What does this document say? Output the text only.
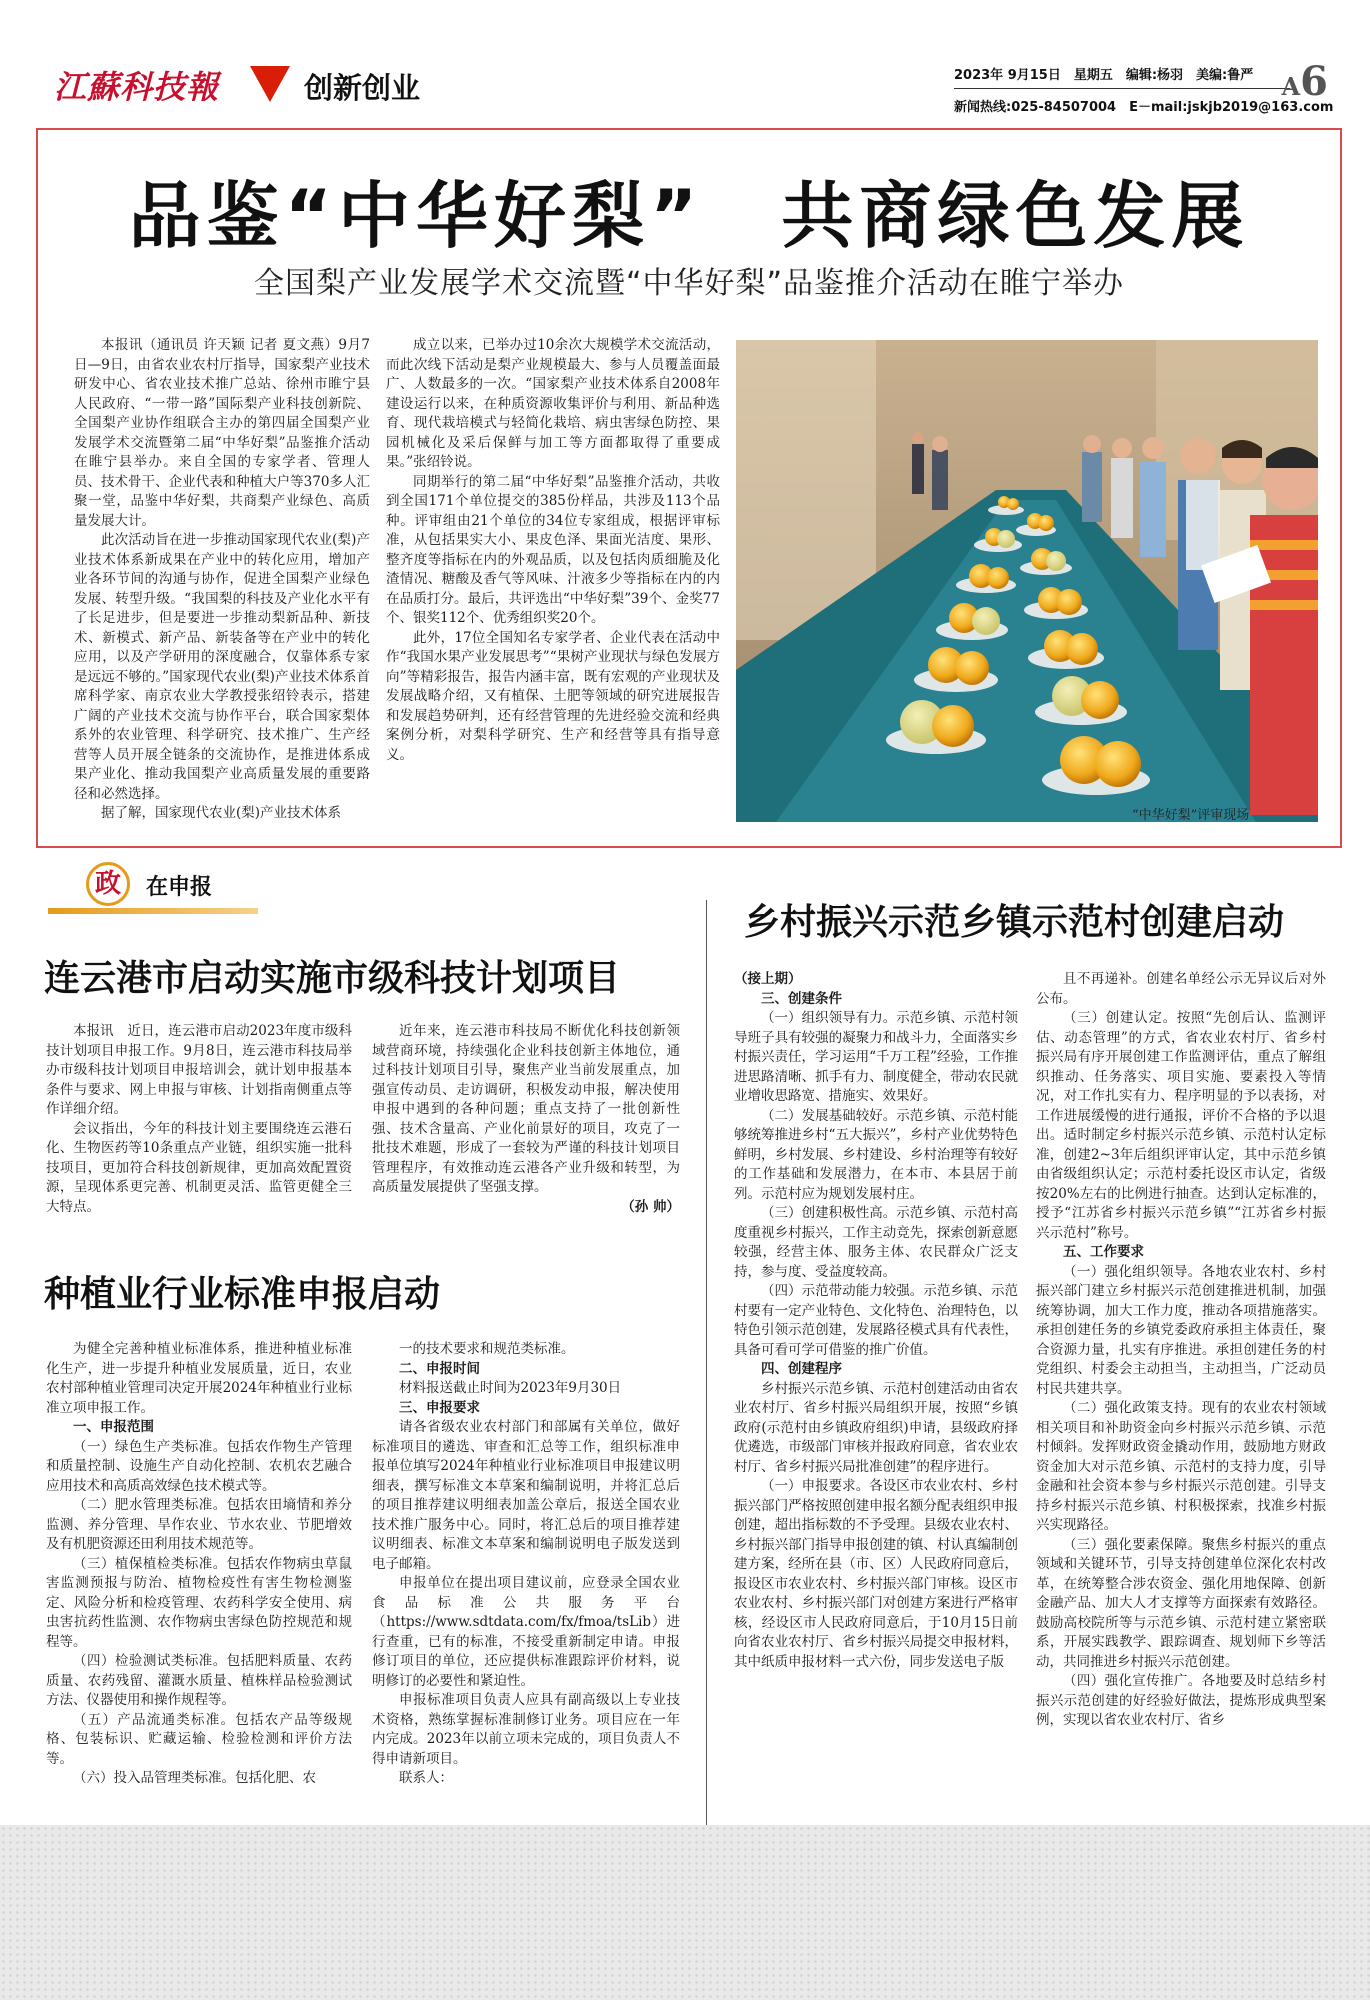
江蘇科技報	创新创业	2023年 9月15日　星期五　编辑:杨羽　美编:鲁严
新闻热线:025-84507004　E－mail:jskjb2019@163.com
A6
品鉴“中华好梨”　共商绿色发展
全国梨产业发展学术交流暨“中华好梨”品鉴推介活动在睢宁举办

本报讯（通讯员 许天颖 记者 夏文燕）9月7日—9日，由省农业农村厅指导，国家梨产业技术研发中心、省农业技术推广总站、徐州市睢宁县人民政府、“一带一路”国际梨产业科技创新院、全国梨产业协作组联合主办的第四届全国梨产业发展学术交流暨第二届“中华好梨”品鉴推介活动在睢宁县举办。来自全国的专家学者、管理人员、技术骨干、企业代表和种植大户等370多人汇聚一堂，品鉴中华好梨，共商梨产业绿色、高质量发展大计。

此次活动旨在进一步推动国家现代农业(梨)产业技术体系新成果在产业中的转化应用，增加产业各环节间的沟通与协作，促进全国梨产业绿色发展、转型升级。“我国梨的科技及产业化水平有了长足进步，但是要进一步推动梨新品种、新技术、新模式、新产品、新装备等在产业中的转化应用，以及产学研用的深度融合，仅靠体系专家是远远不够的。”国家现代农业(梨)产业技术体系首席科学家、南京农业大学教授张绍铃表示，搭建广阔的产业技术交流与协作平台，联合国家梨体系外的农业管理、科学研究、技术推广、生产经营等人员开展全链条的交流协作，是推进体系成果产业化、推动我国梨产业高质量发展的重要路径和必然选择。

据了解，国家现代农业(梨)产业技术体系

成立以来，已举办过10余次大规模学术交流活动，而此次线下活动是梨产业规模最大、参与人员覆盖面最广、人数最多的一次。“国家梨产业技术体系自2008年建设运行以来，在种质资源收集评价与利用、新品种选育、现代栽培模式与轻简化栽培、病虫害绿色防控、果园机械化及采后保鲜与加工等方面都取得了重要成果。”张绍铃说。

同期举行的第二届“中华好梨”品鉴推介活动，共收到全国171个单位提交的385份样品，共涉及113个品种。评审组由21个单位的34位专家组成，根据评审标准，从包括果实大小、果皮色泽、果面光洁度、果形、整齐度等指标在内的外观品质，以及包括肉质细脆及化渣情况、糖酸及香气等风味、汁液多少等指标在内的内在品质打分。最后，共评选出“中华好梨”39个、金奖77个、银奖112个、优秀组织奖20个。

此外，17位全国知名专家学者、企业代表在活动中作“我国水果产业发展思考”“果树产业现状与绿色发展方向”等精彩报告，报告内涵丰富，既有宏观的产业现状及发展战略介绍，又有植保、土肥等领域的研究进展报告和发展趋势研判，还有经营管理的先进经验交流和经典案例分析，对梨科学研究、生产和经营等具有指导意义。

“中华好梨”评审现场
政	在申报
连云港市启动实施市级科技计划项目

本报讯　近日，连云港市启动2023年度市级科技计划项目申报工作。9月8日，连云港市科技局举办市级科技计划项目申报培训会，就计划申报基本条件与要求、网上申报与审核、计划指南侧重点等作详细介绍。

会议指出，今年的科技计划主要围绕连云港石化、生物医药等10条重点产业链，组织实施一批科技项目，更加符合科技创新规律，更加高效配置资源，呈现体系更完善、机制更灵活、监管更健全三大特点。

近年来，连云港市科技局不断优化科技创新领域营商环境，持续强化企业科技创新主体地位，通过科技计划项目引导，聚焦产业当前发展重点，加强宣传动员、走访调研，积极发动申报，解决使用申报中遇到的各种问题；重点支持了一批创新性强、技术含量高、产业化前景好的项目，攻克了一批技术难题，形成了一套较为严谨的科技计划项目管理程序，有效推动连云港各产业升级和转型，为高质量发展提供了坚强支撑。

（孙 帅）

种植业行业标准申报启动

为健全完善种植业标准体系，推进种植业标准化生产，进一步提升种植业发展质量，近日，农业农村部种植业管理司决定开展2024年种植业行业标准立项申报工作。

一、申报范围

（一）绿色生产类标准。包括农作物生产管理和质量控制、设施生产自动化控制、农机农艺融合应用技术和高质高效绿色技术模式等。

（二）肥水管理类标准。包括农田墒情和养分监测、养分管理、旱作农业、节水农业、节肥增效及有机肥资源还田利用技术规范等。

（三）植保植检类标准。包括农作物病虫草鼠害监测预报与防治、植物检疫性有害生物检测鉴定、风险分析和检疫管理、农药科学安全使用、病虫害抗药性监测、农作物病虫害绿色防控规范和规程等。

（四）检验测试类标准。包括肥料质量、农药质量、农药残留、灌溉水质量、植株样品检验测试方法、仪器使用和操作规程等。

（五）产品流通类标准。包括农产品等级规格、包装标识、贮藏运输、检验检测和评价方法等。

（六）投入品管理类标准。包括化肥、农

一的技术要求和规范类标准。

二、申报时间

材料报送截止时间为2023年9月30日

三、申报要求

请各省级农业农村部门和部属有关单位，做好标准项目的遴选、审查和汇总等工作，组织标准申报单位填写2024年种植业行业标准项目申报建议明细表，撰写标准文本草案和编制说明，并将汇总后的项目推荐建议明细表加盖公章后，报送全国农业技术推广服务中心。同时，将汇总后的项目推荐建议明细表、标准文本草案和编制说明电子版发送到电子邮箱。

申报单位在提出项目建议前，应登录全国农业食品标准公共服务平台（https://www.sdtdata.com/fx/fmoa/tsLib）进行查重，已有的标准，不接受重新制定申请。申报修订项目的单位，还应提供标准跟踪评价材料，说明修订的必要性和紧迫性。

申报标准项目负责人应具有副高级以上专业技术资格，熟练掌握标准制修订业务。项目应在一年内完成。2023年以前立项未完成的，项目负责人不得申请新项目。

联系人：

乡村振兴示范乡镇示范村创建启动

（接上期）

三、创建条件

（一）组织领导有力。示范乡镇、示范村领导班子具有较强的凝聚力和战斗力，全面落实乡村振兴责任，学习运用“千万工程”经验，工作推进思路清晰、抓手有力、制度健全，带动农民就业增收思路宽、措施实、效果好。

（二）发展基础较好。示范乡镇、示范村能够统筹推进乡村“五大振兴”，乡村产业优势特色鲜明，乡村发展、乡村建设、乡村治理等有较好的工作基础和发展潜力，在本市、本县居于前列。示范村应为规划发展村庄。

（三）创建积极性高。示范乡镇、示范村高度重视乡村振兴，工作主动竞先，探索创新意愿较强，经营主体、服务主体、农民群众广泛支持，参与度、受益度较高。

（四）示范带动能力较强。示范乡镇、示范村要有一定产业特色、文化特色、治理特色，以特色引领示范创建，发展路径模式具有代表性，具备可看可学可借鉴的推广价值。

四、创建程序

乡村振兴示范乡镇、示范村创建活动由省农业农村厅、省乡村振兴局组织开展，按照“乡镇政府(示范村由乡镇政府组织)申请，县级政府择优遴选，市级部门审核并报政府同意，省农业农村厅、省乡村振兴局批准创建”的程序进行。

（一）申报要求。各设区市农业农村、乡村振兴部门严格按照创建申报名额分配表组织申报创建，超出指标数的不予受理。县级农业农村、乡村振兴部门指导申报创建的镇、村认真编制创建方案，经所在县（市、区）人民政府同意后，报设区市农业农村、乡村振兴部门审核。设区市农业农村、乡村振兴部门对创建方案进行严格审核，经设区市人民政府同意后，于10月15日前向省农业农村厅、省乡村振兴局提交申报材料，其中纸质申报材料一式六份，同步发送电子版

且不再递补。创建名单经公示无异议后对外公布。

（三）创建认定。按照“先创后认、监测评估、动态管理”的方式，省农业农村厅、省乡村振兴局有序开展创建工作监测评估，重点了解组织推动、任务落实、项目实施、要素投入等情况，对工作扎实有力、程序明显的予以表扬，对工作进展缓慢的进行通报，评价不合格的予以退出。适时制定乡村振兴示范乡镇、示范村认定标准，创建2~3年后组织评审认定，其中示范乡镇由省级组织认定；示范村委托设区市认定，省级按20%左右的比例进行抽查。达到认定标准的，授予“江苏省乡村振兴示范乡镇”“江苏省乡村振兴示范村”称号。

五、工作要求

（一）强化组织领导。各地农业农村、乡村振兴部门建立乡村振兴示范创建推进机制，加强统筹协调，加大工作力度，推动各项措施落实。承担创建任务的乡镇党委政府承担主体责任，聚合资源力量，扎实有序推进。承担创建任务的村党组织、村委会主动担当，主动担当，广泛动员村民共建共享。

（二）强化政策支持。现有的农业农村领域相关项目和补助资金向乡村振兴示范乡镇、示范村倾斜。发挥财政资金撬动作用，鼓励地方财政资金加大对示范乡镇、示范村的支持力度，引导金融和社会资本参与乡村振兴示范创建。引导支持乡村振兴示范乡镇、村积极探索，找准乡村振兴实现路径。

（三）强化要素保障。聚焦乡村振兴的重点领域和关键环节，引导支持创建单位深化农村改革，在统筹整合涉农资金、强化用地保障、创新金融产品、加大人才支撑等方面探索有效路径。鼓励高校院所等与示范乡镇、示范村建立紧密联系，开展实践教学、跟踪调查、规划师下乡等活动，共同推进乡村振兴示范创建。

（四）强化宣传推广。各地要及时总结乡村振兴示范创建的好经验好做法，提炼形成典型案例，实现以省农业农村厅、省乡
